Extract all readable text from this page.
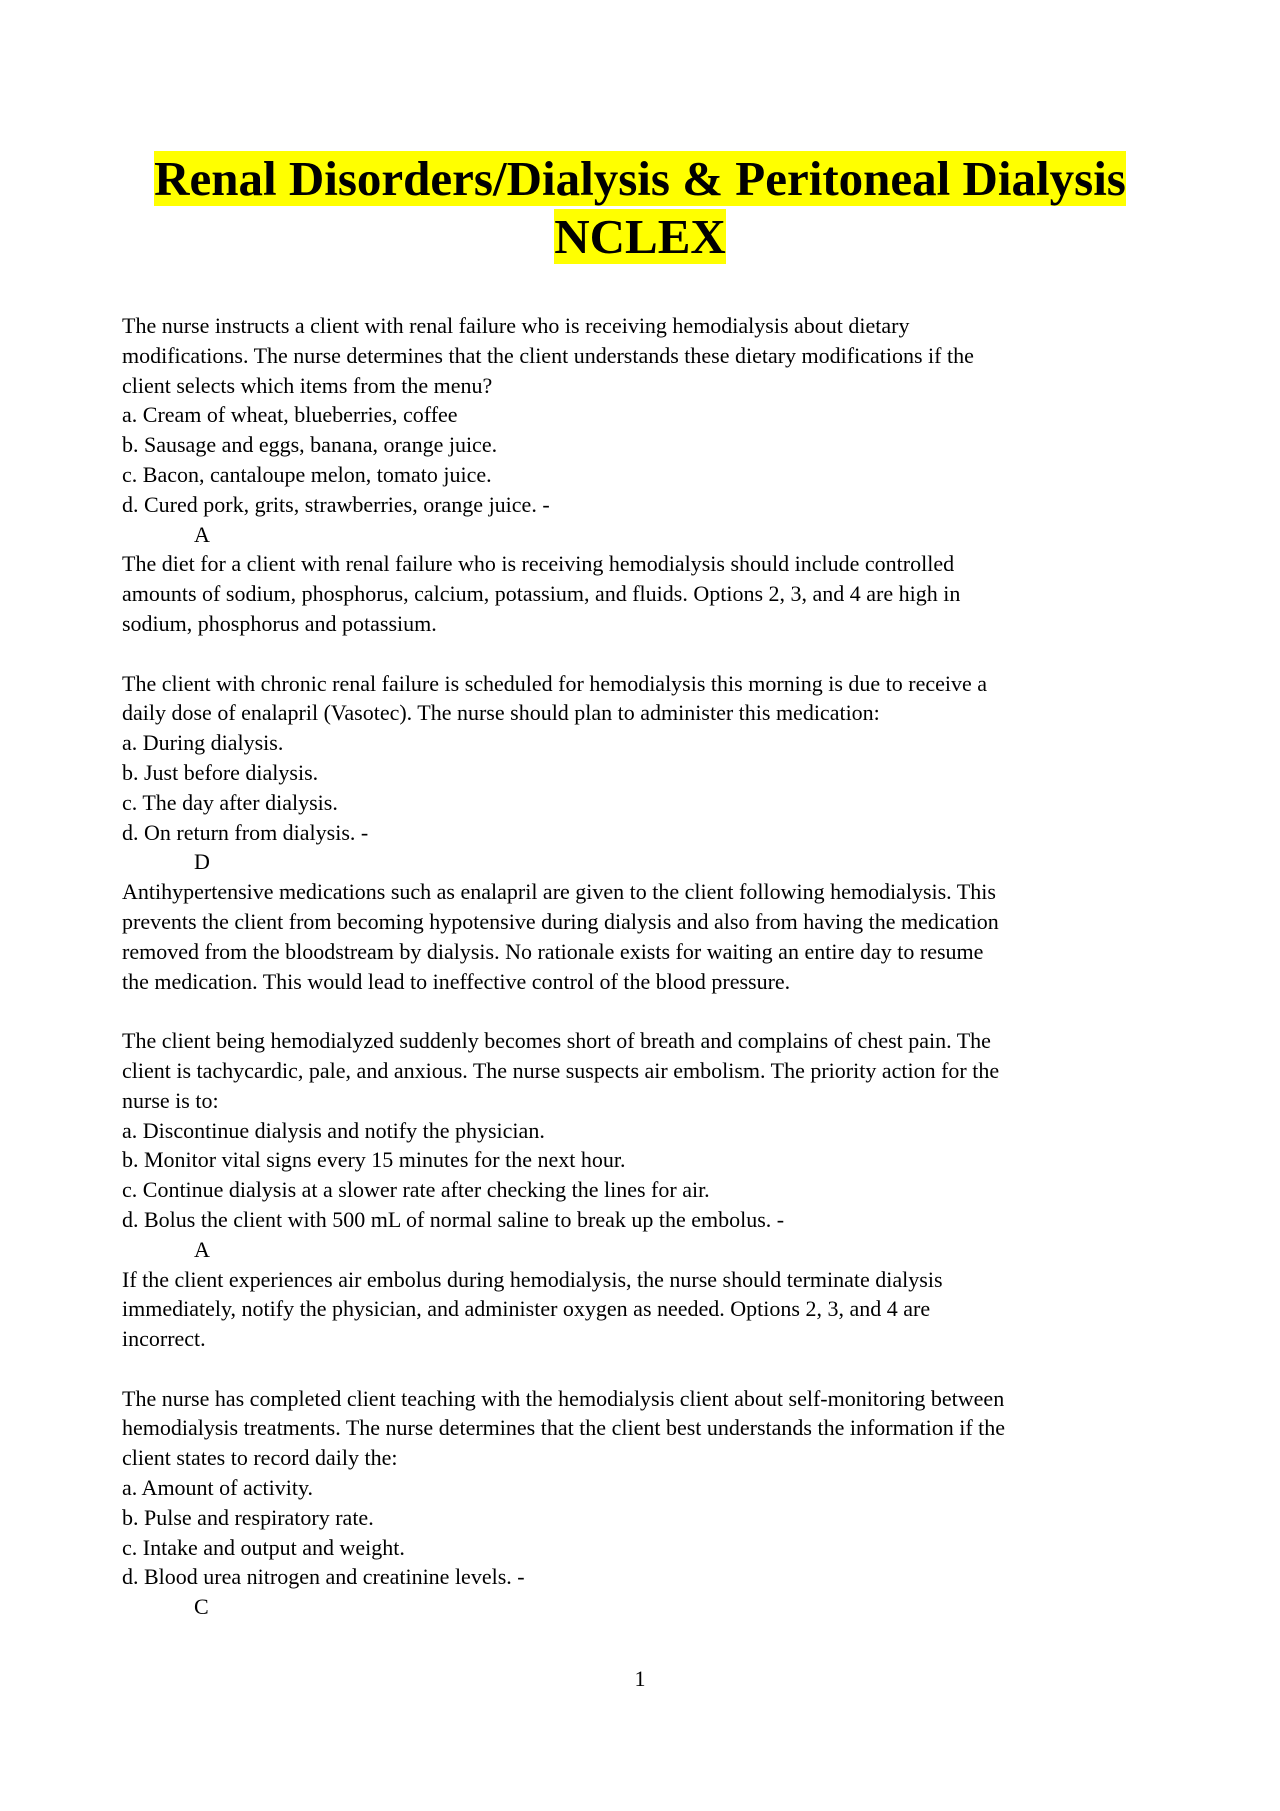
Renal Disorders/Dialysis & Peritoneal Dialysis
NCLEX
The nurse instructs a client with renal failure who is receiving hemodialysis about dietary
modifications. The nurse determines that the client understands these dietary modifications if the
client selects which items from the menu?
a. Cream of wheat, blueberries, coffee
b. Sausage and eggs, banana, orange juice.
c. Bacon, cantaloupe melon, tomato juice.
d. Cured pork, grits, strawberries, orange juice. -
A
The diet for a client with renal failure who is receiving hemodialysis should include controlled
amounts of sodium, phosphorus, calcium, potassium, and fluids. Options 2, 3, and 4 are high in
sodium, phosphorus and potassium.
The client with chronic renal failure is scheduled for hemodialysis this morning is due to receive a
daily dose of enalapril (Vasotec). The nurse should plan to administer this medication:
a. During dialysis.
b. Just before dialysis.
c. The day after dialysis.
d. On return from dialysis. -
D
Antihypertensive medications such as enalapril are given to the client following hemodialysis. This
prevents the client from becoming hypotensive during dialysis and also from having the medication
removed from the bloodstream by dialysis. No rationale exists for waiting an entire day to resume
the medication. This would lead to ineffective control of the blood pressure.
The client being hemodialyzed suddenly becomes short of breath and complains of chest pain. The
client is tachycardic, pale, and anxious. The nurse suspects air embolism. The priority action for the
nurse is to:
a. Discontinue dialysis and notify the physician.
b. Monitor vital signs every 15 minutes for the next hour.
c. Continue dialysis at a slower rate after checking the lines for air.
d. Bolus the client with 500 mL of normal saline to break up the embolus. -
A
If the client experiences air embolus during hemodialysis, the nurse should terminate dialysis
immediately, notify the physician, and administer oxygen as needed. Options 2, 3, and 4 are
incorrect.
The nurse has completed client teaching with the hemodialysis client about self-monitoring between
hemodialysis treatments. The nurse determines that the client best understands the information if the
client states to record daily the:
a. Amount of activity.
b. Pulse and respiratory rate.
c. Intake and output and weight.
d. Blood urea nitrogen and creatinine levels. -
C
1
